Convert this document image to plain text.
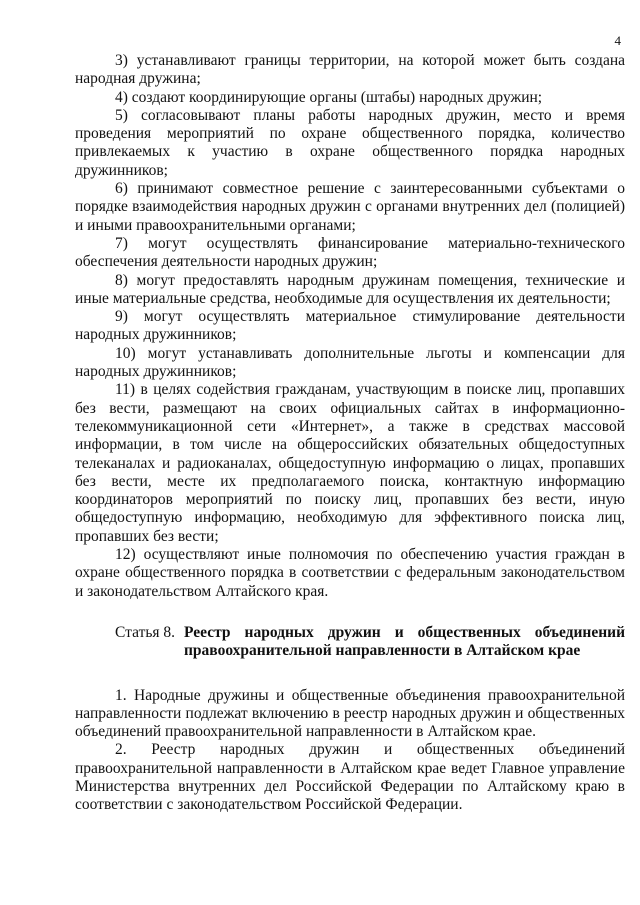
4

3) устанавливают границы территории, на которой может быть создана народная дружина;

4) создают координирующие органы (штабы) народных дружин;

5) согласовывают планы работы народных дружин, место и время проведения мероприятий по охране общественного порядка, количество привлекаемых к участию в охране общественного порядка народных дружинников;

6) принимают совместное решение с заинтересованными субъектами о порядке взаимодействия народных дружин с органами внутренних дел (полицией) и иными правоохранительными органами;

7) могут осуществлять финансирование материально-технического обеспечения деятельности народных дружин;

8) могут предоставлять народным дружинам помещения, технические и иные материальные средства, необходимые для осуществления их деятельности;

9) могут осуществлять материальное стимулирование деятельности народных дружинников;

10) могут устанавливать дополнительные льготы и компенсации для народных дружинников;

11) в целях содействия гражданам, участвующим в поиске лиц, пропавших без вести, размещают на своих официальных сайтах в информационно-телекоммуникационной сети «Интернет», а также в средствах массовой информации, в том числе на общероссийских обязательных общедоступных телеканалах и радиоканалах, общедоступную информацию о лицах, пропавших без вести, месте их предполагаемого поиска, контактную информацию координаторов мероприятий по поиску лиц, пропавших без вести, иную общедоступную информацию, необходимую для эффективного поиска лиц, пропавших без вести;

12) осуществляют иные полномочия по обеспечению участия граждан в охране общественного порядка в соответствии с федеральным законодательством и законодательством Алтайского края.

Статья 8. Реестр народных дружин и общественных объединений правоохранительной направленности в Алтайском крае

1. Народные дружины и общественные объединения правоохранительной направленности подлежат включению в реестр народных дружин и общественных объединений правоохранительной направленности в Алтайском крае.

2. Реестр народных дружин и общественных объединений правоохранительной направленности в Алтайском крае ведет Главное управление Министерства внутренних дел Российской Федерации по Алтайскому краю в соответствии с законодательством Российской Федерации.
